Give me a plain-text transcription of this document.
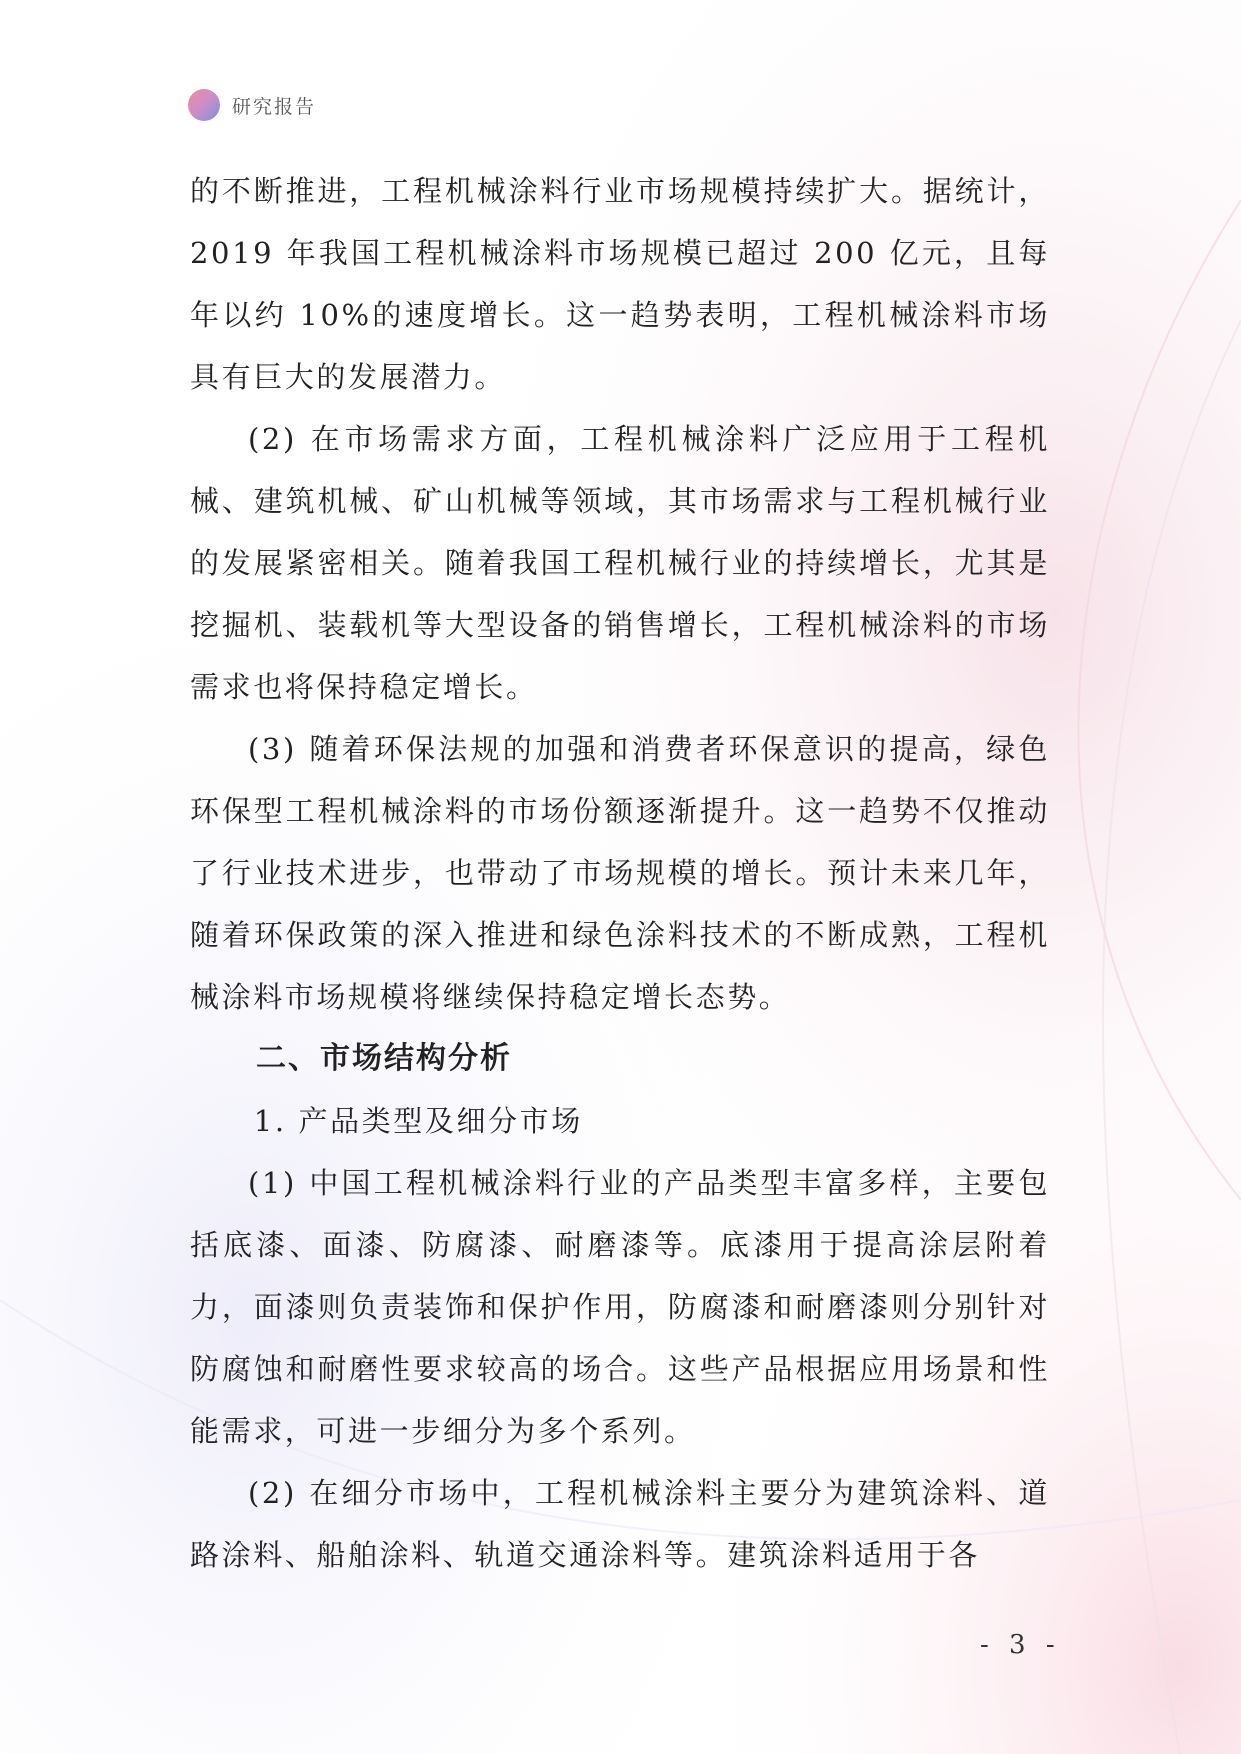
研究报告

的不断推进，工程机械涂料行业市场规模持续扩大。据统计，2019 年我国工程机械涂料市场规模已超过 200 亿元，且每年以约 10%的速度增长。这一趋势表明，工程机械涂料市场具有巨大的发展潜力。

(2) 在市场需求方面，工程机械涂料广泛应用于工程机械、建筑机械、矿山机械等领域，其市场需求与工程机械行业的发展紧密相关。随着我国工程机械行业的持续增长，尤其是挖掘机、装载机等大型设备的销售增长，工程机械涂料的市场需求也将保持稳定增长。

(3) 随着环保法规的加强和消费者环保意识的提高，绿色环保型工程机械涂料的市场份额逐渐提升。这一趋势不仅推动了行业技术进步，也带动了市场规模的增长。预计未来几年，随着环保政策的深入推进和绿色涂料技术的不断成熟，工程机械涂料市场规模将继续保持稳定增长态势。

二、市场结构分析

1. 产品类型及细分市场

(1) 中国工程机械涂料行业的产品类型丰富多样，主要包括底漆、面漆、防腐漆、耐磨漆等。底漆用于提高涂层附着力，面漆则负责装饰和保护作用，防腐漆和耐磨漆则分别针对防腐蚀和耐磨性要求较高的场合。这些产品根据应用场景和性能需求，可进一步细分为多个系列。

(2) 在细分市场中，工程机械涂料主要分为建筑涂料、道路涂料、船舶涂料、轨道交通涂料等。建筑涂料适用于各

- 3 -
